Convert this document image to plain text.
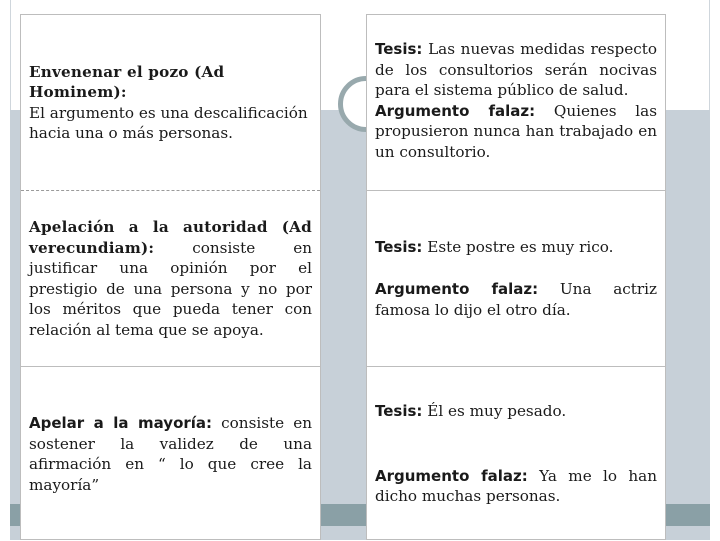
Envenenar el pozo (Ad Hominem):

El argumento es una descalificación hacia una o más personas.

Apelación a la autoridad (Ad verecundiam): consiste en justificar una opinión por el prestigio de una persona y no por los méritos que pueda tener con relación al tema que se apoya.

Apelar a la mayoría: consiste en sostener la validez de una afirmación en “ lo que cree la mayoría”

Tesis: Las nuevas medidas respecto de los consultorios serán nocivas para el sistema público de salud.

Argumento falaz: Quienes las propusieron nunca han trabajado en un consultorio.

Tesis: Este postre es muy rico.

Argumento falaz: Una actriz famosa lo dijo el otro día.

Tesis: Él es muy pesado.

Argumento falaz: Ya me lo han dicho muchas personas.
